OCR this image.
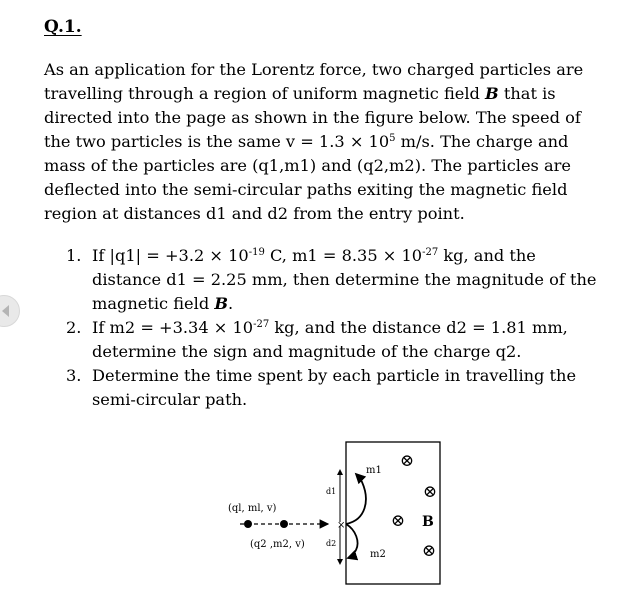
Q.1.

As an application for the Lorentz force, two charged particles are travelling through a region of uniform magnetic field B that is directed into the page as shown in the figure below. The speed of the two particles is the same $v = 1.3 \times 10^5$ m/s. The charge and mass of the particles are (q1,m1) and (q2,m2). The particles are deflected into the semi-circular paths exiting the magnetic field region at distances d1 and d2 from the entry point.

1. If $|q1| = +3.2 \times 10^{-19}$ C, $m1 = 8.35 \times 10^{-27}$ kg, and the distance d1 = 2.25 mm, then determine the magnitude of the magnetic field B.
2. If $m2 = +3.34 \times 10^{-27}$ kg, and the distance d2 = 1.81 mm, determine the sign and magnitude of the charge q2.
3. Determine the time spent by each particle in travelling the semi-circular path.
⊗
⊗
⊗
⊗
B
m1
m2
d1
d2
×
(ql, ml, v)
(q2 ,m2, v)
